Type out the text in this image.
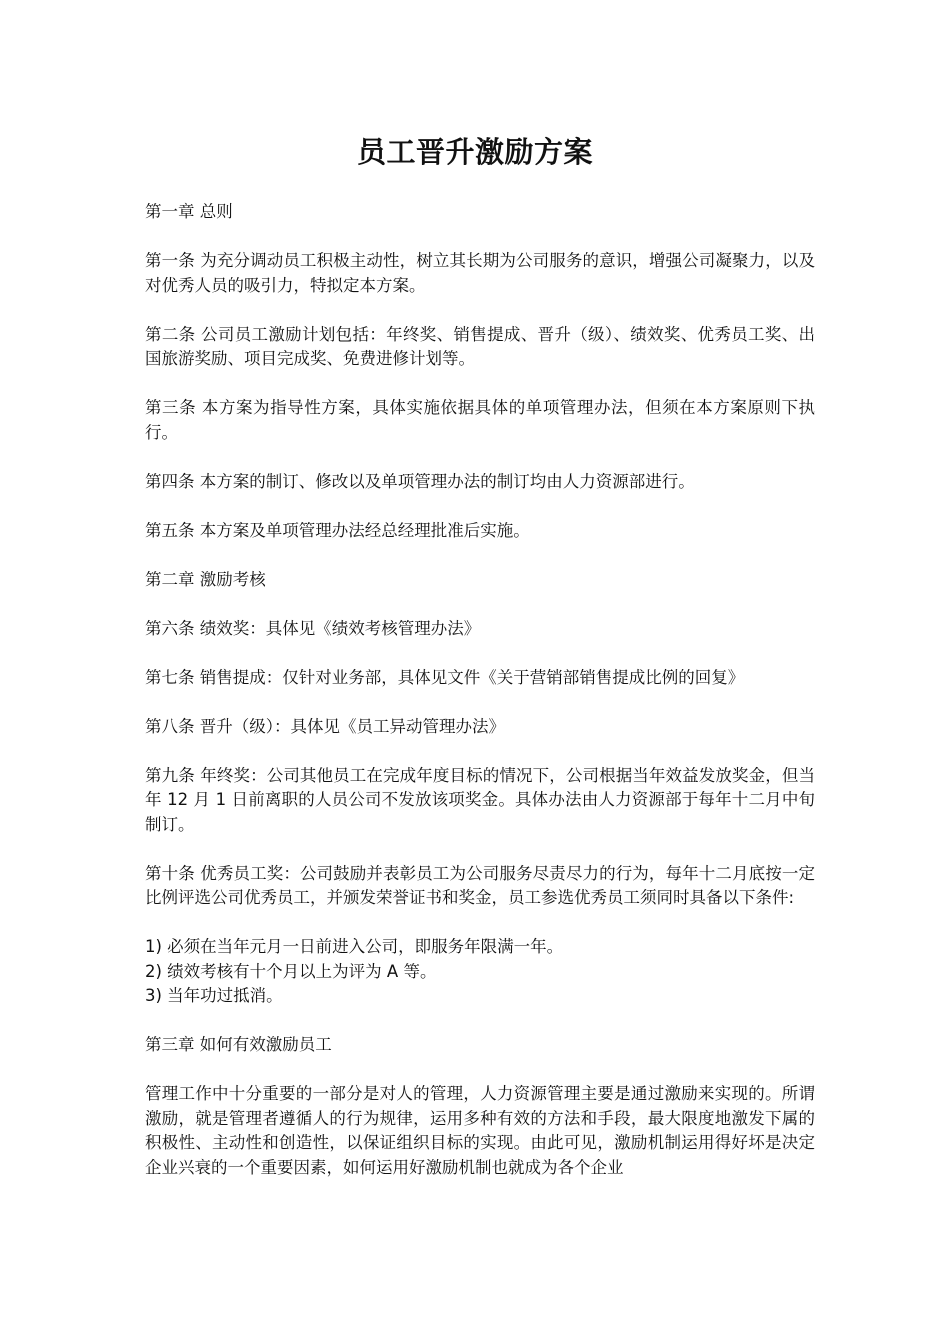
员工晋升激励方案

第一章 总则

第一条 为充分调动员工积极主动性，树立其长期为公司服务的意识，增强公司凝聚力，以及对优秀人员的吸引力，特拟定本方案。

第二条 公司员工激励计划包括：年终奖、销售提成、晋升（级）、绩效奖、优秀员工奖、出国旅游奖励、项目完成奖、免费进修计划等。

第三条 本方案为指导性方案，具体实施依据具体的单项管理办法，但须在本方案原则下执行。

第四条 本方案的制订、修改以及单项管理办法的制订均由人力资源部进行。

第五条 本方案及单项管理办法经总经理批准后实施。

第二章 激励考核

第六条 绩效奖：具体见《绩效考核管理办法》

第七条 销售提成：仅针对业务部，具体见文件《关于营销部销售提成比例的回复》

第八条 晋升（级）：具体见《员工异动管理办法》

第九条 年终奖：公司其他员工在完成年度目标的情况下，公司根据当年效益发放奖金，但当年 12 月 1 日前离职的人员公司不发放该项奖金。具体办法由人力资源部于每年十二月中旬制订。

第十条 优秀员工奖：公司鼓励并表彰员工为公司服务尽责尽力的行为，每年十二月底按一定比例评选公司优秀员工，并颁发荣誉证书和奖金，员工参选优秀员工须同时具备以下条件:

1) 必须在当年元月一日前进入公司，即服务年限满一年。
2) 绩效考核有十个月以上为评为 A 等。
3) 当年功过抵消。

第三章 如何有效激励员工

管理工作中十分重要的一部分是对人的管理，人力资源管理主要是通过激励来实现的。所谓激励，就是管理者遵循人的行为规律，运用多种有效的方法和手段，最大限度地激发下属的积极性、主动性和创造性，以保证组织目标的实现。由此可见，激励机制运用得好坏是决定企业兴衰的一个重要因素，如何运用好激励机制也就成为各个企业
